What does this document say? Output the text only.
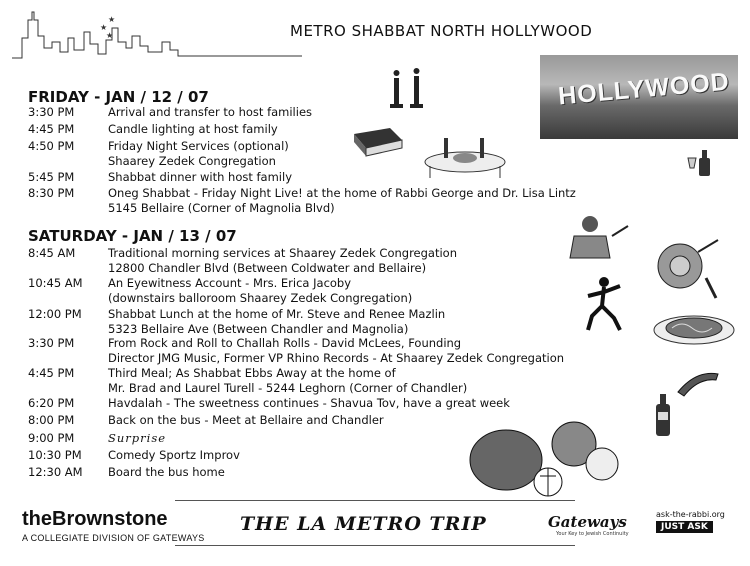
★
★
★	METRO SHABBAT NORTH HOLLYWOOD
HOLLYWOOD
FRIDAY - JAN / 12 / 07
3:30 PM	Arrival and transfer to host families
4:45 PM	Candle lighting at host family
4:50 PM	Friday Night Services (optional)
Shaarey Zedek Congregation
5:45 PM	Shabbat dinner with host family
8:30 PM	Oneg Shabbat - Friday Night Live! at the home of Rabbi George and Dr. Lisa Lintz
5145 Bellaire (Corner of Magnolia Blvd)
SATURDAY - JAN / 13 / 07
8:45 AM	Traditional morning services at Shaarey Zedek Congregation
12800 Chandler Blvd (Between Coldwater and Bellaire)
10:45 AM An Eyewitness Account - Mrs. Erica Jacoby
(downstairs balloroom Shaarey Zedek Congregation)
12:00 PM Shabbat Lunch at the home of Mr. Steve and Renee Mazlin
5323 Bellaire Ave (Between Chandler and Magnolia)
3:30 PM	From Rock and Roll to Challah Rolls - David McLees, Founding
Director JMG Music, Former VP Rhino Records - At Shaarey Zedek Congregation
4:45 PM	Third Meal; As Shabbat Ebbs Away at the home of
Mr. Brad and Laurel Turell - 5244 Leghorn (Corner of Chandler)
6:20 PM	Havdalah - The sweetness continues - Shavua Tov, have a great week
8:00 PM	Back on the bus - Meet at Bellaire and Chandler
9:00 PM	Surprise
10:30 PM Comedy Sportz Improv
12:30 AM Board the bus home
theBrownstone
A COLLEGIATE DIVISION OF GATEWAYS
THE LA METRO TRIP	Gateways
Your Key to Jewish Continuity
ask-the-rabbi.org
JUST ASK
